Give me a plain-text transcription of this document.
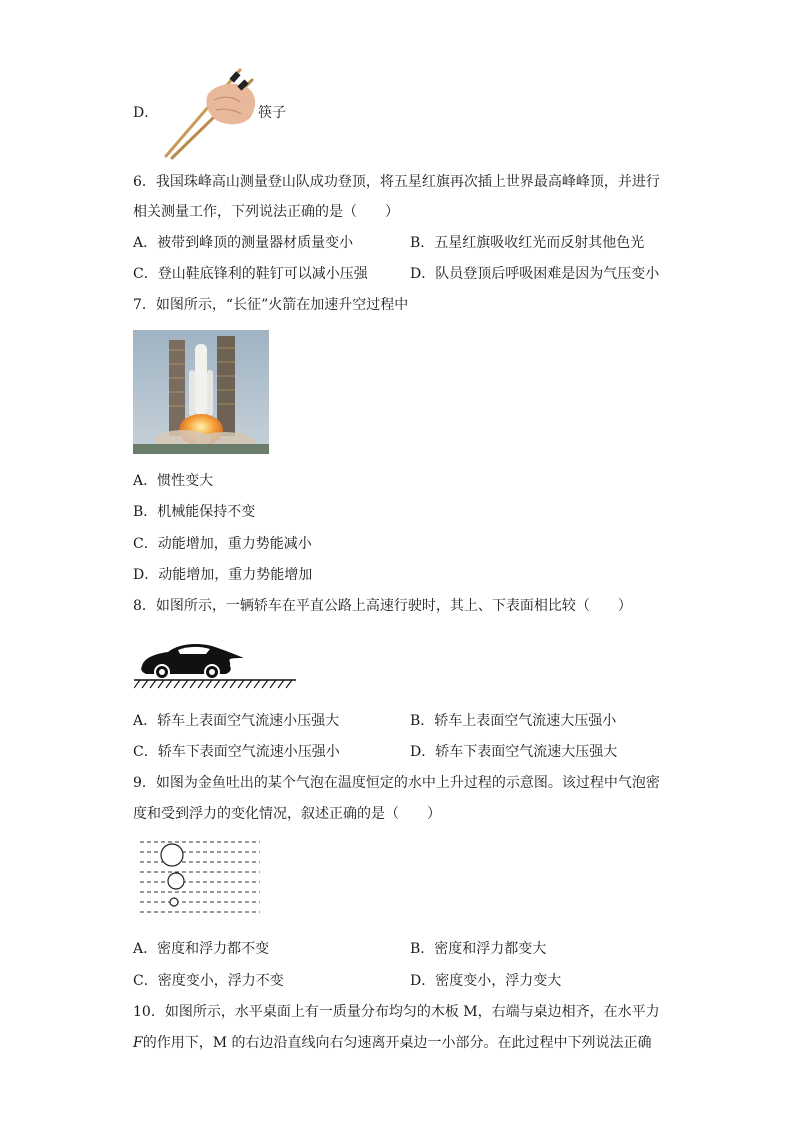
D．	筷子
6．我国珠峰高山测量登山队成功登顶，将五星红旗再次插上世界最高峰峰顶，并进行
相关测量工作，下列说法正确的是（　　）
A．被带到峰顶的测量器材质量变小	B．五星红旗吸收红光而反射其他色光
C．登山鞋底锋利的鞋钉可以减小压强	D．队员登顶后呼吸困难是因为气压变小
7．如图所示，“长征”火箭在加速升空过程中
A．惯性变大
B．机械能保持不变
C．动能增加，重力势能减小
D．动能增加，重力势能增加
8．如图所示，一辆轿车在平直公路上高速行驶时，其上、下表面相比较（　　）
A．轿车上表面空气流速小压强大	B．轿车上表面空气流速大压强小
C．轿车下表面空气流速小压强小	D．轿车下表面空气流速大压强大
9．如图为金鱼吐出的某个气泡在温度恒定的水中上升过程的示意图。该过程中气泡密
度和受到浮力的变化情况，叙述正确的是（　　）
A．密度和浮力都不变	B．密度和浮力都变大
C．密度变小，浮力不变	D．密度变小，浮力变大
10．如图所示，水平桌面上有一质量分布均匀的木板 M，右端与桌边相齐，在水平力
F的作用下，M 的右边沿直线向右匀速离开桌边一小部分。在此过程中下列说法正确
